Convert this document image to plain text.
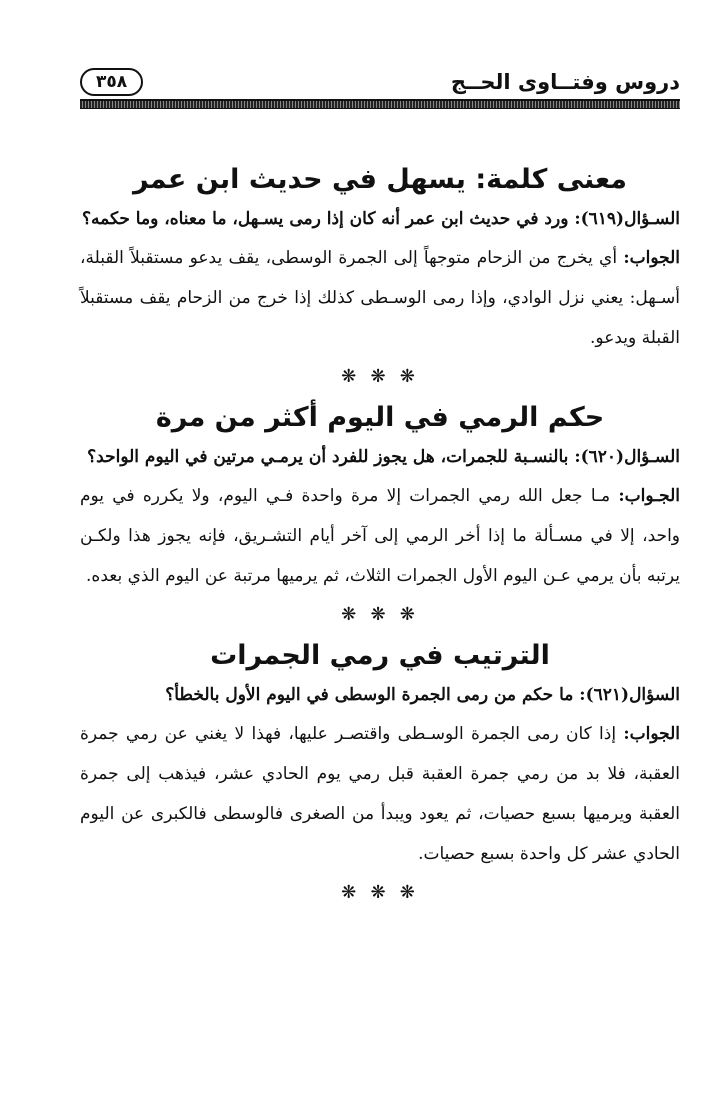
٣٥٨	دروس وفتــاوى الحــج
معنى كلمة: يسهل في حديث ابن عمر

السـؤال(٦١٩): ورد في حديث ابن عمر أنه كان إذا رمى يسـهل، ما معناه، وما حكمه؟

الجواب: أي يخرج من الزحام متوجهاً إلى الجمرة الوسطى، يقف يدعو مستقبلاً القبلة، أسـهل: يعني نزل الوادي، وإذا رمى الوسـطى كذلك إذا خرج من الزحام يقف مستقبلاً القبلة ويدعو.

❋ ❋ ❋
حكم الرمي في اليوم أكثر من مرة

السـؤال(٦٢٠): بالنسـبة للجمرات، هل يجوز للفرد أن يرمـي مرتين في اليوم الواحد؟

الجـواب: مـا جعل الله رمي الجمرات إلا مرة واحدة فـي اليوم، ولا يكرره في يوم واحد، إلا في مسـألة ما إذا أخر الرمي إلى آخر أيام التشـريق، فإنه يجوز هذا ولكـن يرتبه بأن يرمي عـن اليوم الأول الجمرات الثلاث، ثم يرميها مرتبة عن اليوم الذي بعده.

❋ ❋ ❋
الترتيب في رمي الجمرات

السؤال(٦٢١): ما حكم من رمى الجمرة الوسطى في اليوم الأول بالخطأ؟

الجواب: إذا كان رمى الجمرة الوسـطى واقتصـر عليها، فهذا لا يغني عن رمي جمرة العقبة، فلا بد من رمي جمرة العقبة قبل رمي يوم الحادي عشر، فيذهب إلى جمرة العقبة ويرميها بسبع حصيات، ثم يعود ويبدأ من الصغرى فالوسطى فالكبرى عن اليوم الحادي عشر كل واحدة بسبع حصيات.

❋ ❋ ❋
